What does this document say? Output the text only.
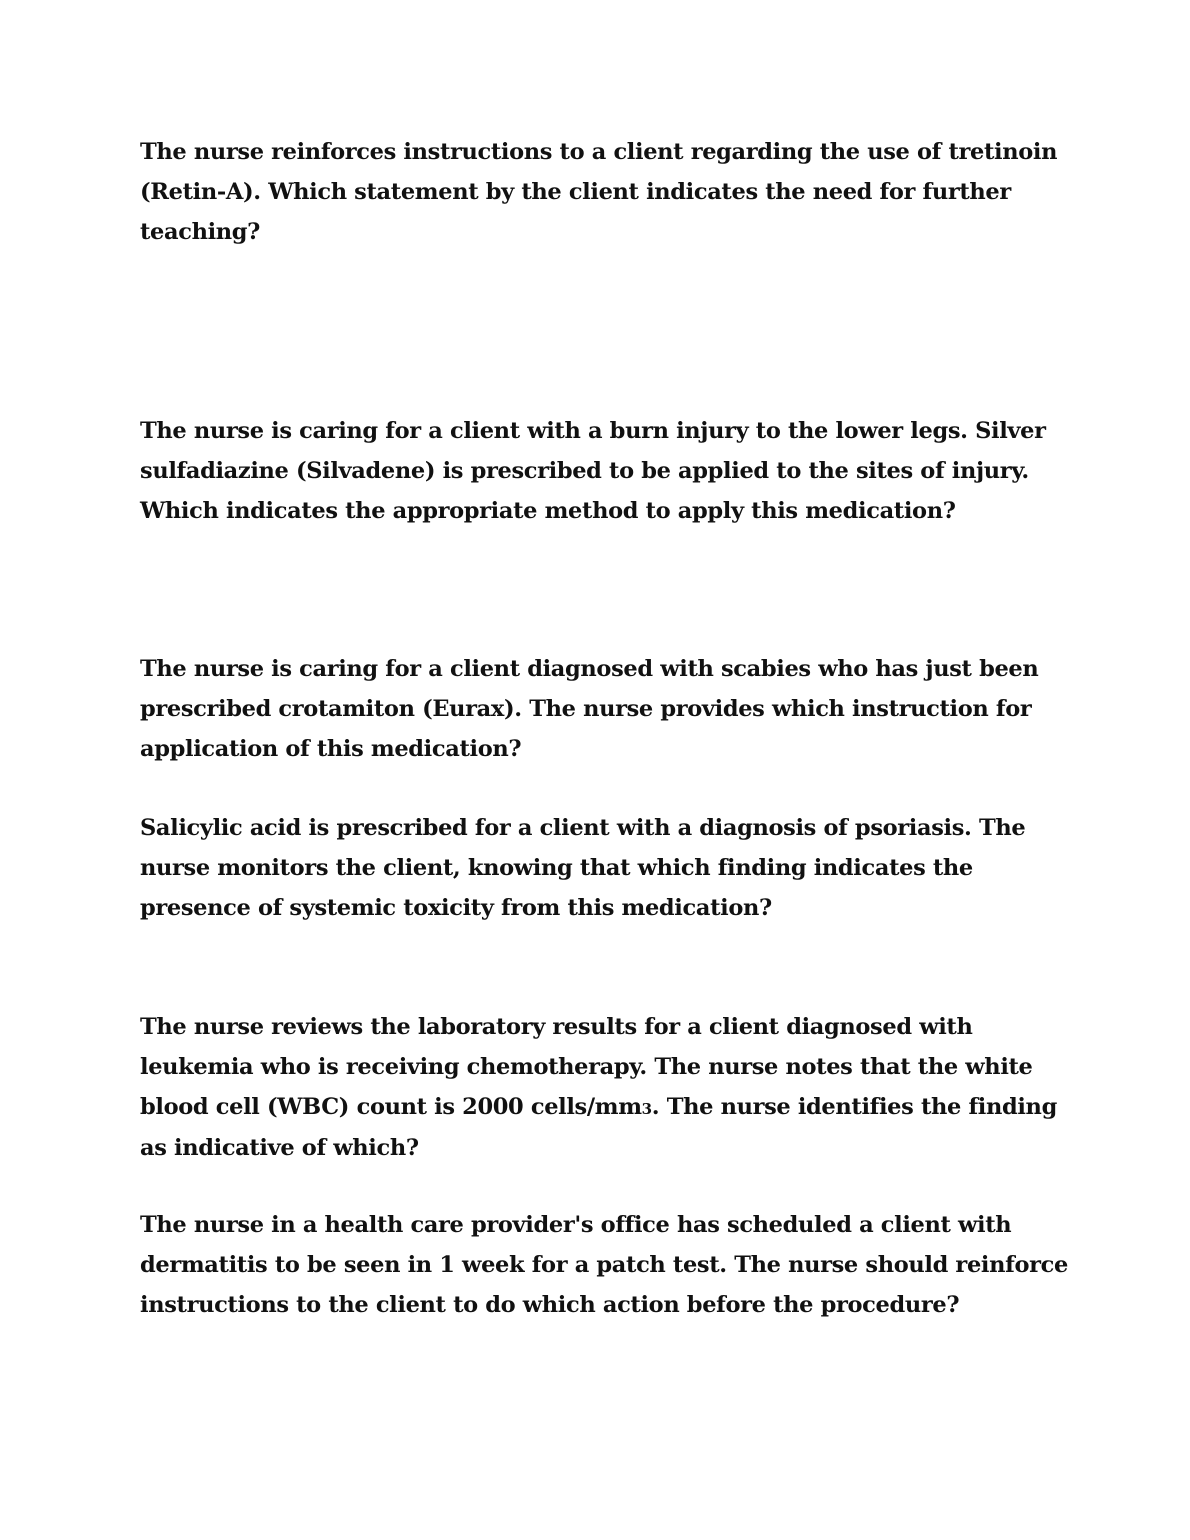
The nurse reinforces instructions to a client regarding the use of tretinoin
(Retin-A). Which statement by the client indicates the need for further
teaching?

The nurse is caring for a client with a burn injury to the lower legs. Silver
sulfadiazine (Silvadene) is prescribed to be applied to the sites of injury.
Which indicates the appropriate method to apply this medication?

The nurse is caring for a client diagnosed with scabies who has just been
prescribed crotamiton (Eurax). The nurse provides which instruction for
application of this medication?

Salicylic acid is prescribed for a client with a diagnosis of psoriasis. The
nurse monitors the client, knowing that which finding indicates the
presence of systemic toxicity from this medication?

The nurse reviews the laboratory results for a client diagnosed with
leukemia who is receiving chemotherapy. The nurse notes that the white
blood cell (WBC) count is 2000 cells/mm3. The nurse identifies the finding
as indicative of which?

The nurse in a health care provider's office has scheduled a client with
dermatitis to be seen in 1 week for a patch test. The nurse should reinforce
instructions to the client to do which action before the procedure?
